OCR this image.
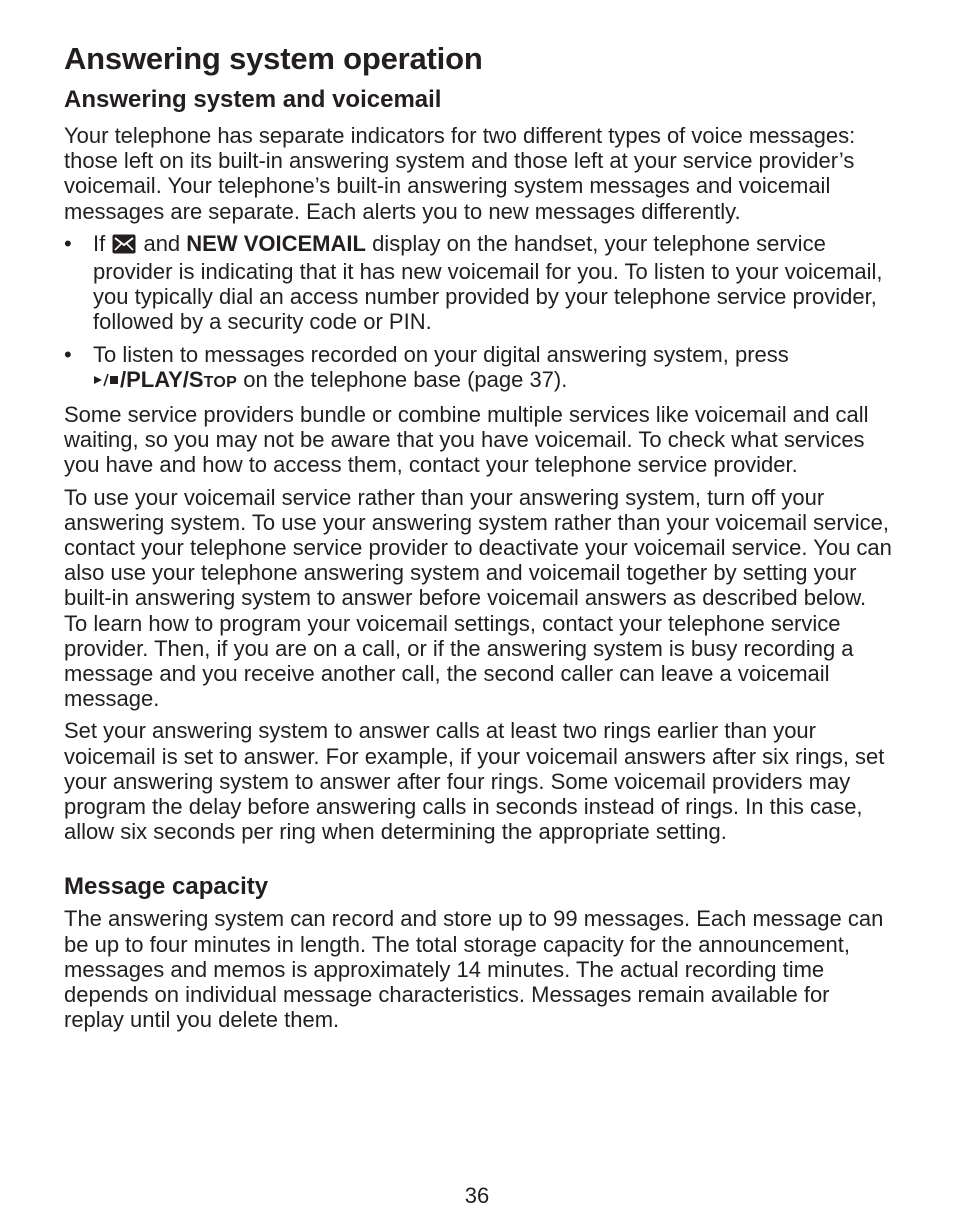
Answering system operation
Answering system and voicemail

Your telephone has separate indicators for two different types of voice messages: those left on its built-in answering system and those left at your service provider’s voicemail. Your telephone’s built-in answering system messages and voicemail messages are separate. Each alerts you to new messages differently.

• If  and NEW VOICEMAIL display on the handset, your telephone service provider is indicating that it has new voicemail for you. To listen to your voicemail, you typically dial an access number provided by your telephone service provider, followed by a security code or PIN.
• To listen to messages recorded on your digital answering system, press
/PLAY/STOP on the telephone base (page 37).

Some service providers bundle or combine multiple services like voicemail and call waiting, so you may not be aware that you have voicemail. To check what services you have and how to access them, contact your telephone service provider.

To use your voicemail service rather than your answering system, turn off your answering system. To use your answering system rather than your voicemail service, contact your telephone service provider to deactivate your voicemail service. You can also use your telephone answering system and voicemail together by setting your built-in answering system to answer before voicemail answers as described below. To learn how to program your voicemail settings, contact your telephone service provider. Then, if you are on a call, or if the answering system is busy recording a message and you receive another call, the second caller can leave a voicemail message.

Set your answering system to answer calls at least two rings earlier than your voicemail is set to answer. For example, if your voicemail answers after six rings, set your answering system to answer after four rings. Some voicemail providers may program the delay before answering calls in seconds instead of rings. In this case, allow six seconds per ring when determining the appropriate setting.

Message capacity

The answering system can record and store up to 99 messages. Each message can be up to four minutes in length. The total storage capacity for the announcement, messages and memos is approximately 14 minutes. The actual recording time depends on individual message characteristics. Messages remain available for replay until you delete them.

36
